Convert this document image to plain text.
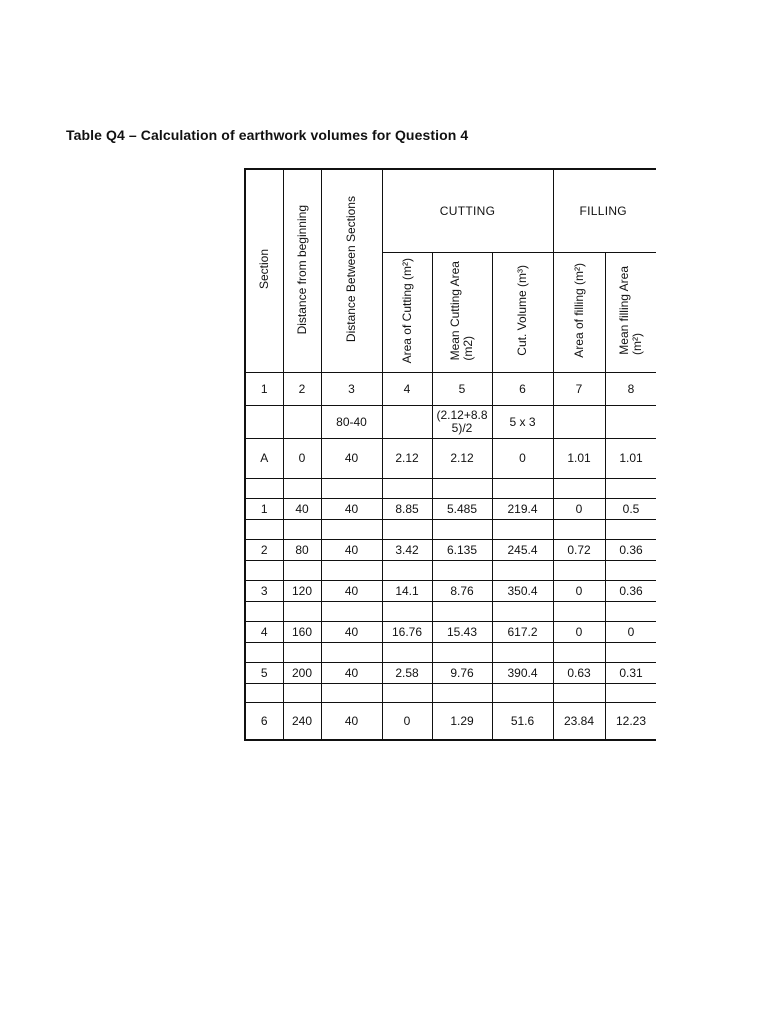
Table Q4 – Calculation of earthwork volumes for Question 4
Section	Distance from beginning	Distance Between Sections	CUTTING			FILLING		
			Area of Cutting (m²)	Mean Cutting Area(m2)	Cut. Volume (m³)	Area of filling (m²)	Mean filling Area(m²)	
1	2	3	4	5	6	7	8	
		80-40		(2.12+8.85)/2	5 x 3			
A	0	40	2.12	2.12	0	1.01	1.01	

1	40	40	8.85	5.485	219.4	0	0.5	

2	80	40	3.42	6.135	245.4	0.72	0.36	

3	120	40	14.1	8.76	350.4	0	0.36	

4	160	40	16.76	15.43	617.2	0	0	

5	200	40	2.58	9.76	390.4	0.63	0.31	

6	240	40	0	1.29	51.6	23.84	12.23	
